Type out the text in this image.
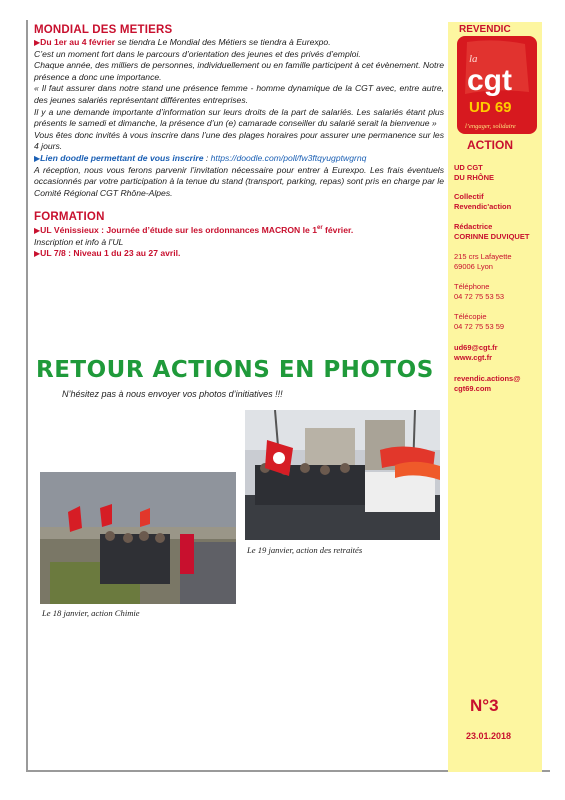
REVENDIC
la
cgt
UD 69
l’engager, solidaire
ACTION
UD CGT
DU RHÔNE
Collectif
Revendic'action
Rédactrice
CORINNE DUVIQUET
215 crs Lafayette
69006 Lyon
Téléphone
04 72 75 53 53
Télécopie
04 72 75 53 59
ud69@cgt.fr
www.cgt.fr
revendic.actions@
cgt69.com
N°3
23.01.2018
MONDIAL DES METIERS

▶Du 1er au 4 février se tiendra Le Mondial des Métiers se tiendra à Eurexpo.

C’est un moment fort dans le parcours d’orientation des jeunes et des privés d’emploi.

Chaque année, des milliers de personnes, individuellement ou en famille participent à cet évènement. Notre présence a donc une importance.

« Il faut assurer dans notre stand une présence femme - homme dynamique de la CGT avec, entre autre, des jeunes salariés représentant différentes entreprises.

Il y a une demande importante d’information sur leurs droits de la part de salariés. Les salariés étant plus présents le samedi et dimanche, la présence d’un (e) camarade conseiller du salarié serait la bienvenue »

Vous êtes donc invités à vous inscrire dans l’une des plages horaires pour assurer une permanence sur les 4 jours.

▶Lien doodle permettant de vous inscrire : https://doodle.com/poll/fw3ftqyugptwgrnq

A réception, nous vous ferons parvenir l’invitation nécessaire pour entrer à Eurexpo. Les frais éventuels occasionnés par votre participation à la tenue du stand (transport, parking, repas) sont pris en charge par le Comité Régional CGT Rhône-Alpes.

FORMATION

▶UL Vénissieux : Journée d’étude sur les ordonnances MACRON le 1er février.

Inscription et info à l’UL

▶UL 7/8 : Niveau 1 du 23 au 27 avril.

RETOUR ACTIONS EN PHOTOS
N’hésitez pas à nous envoyer vos photos d’initiatives !!!
Le 19 janvier, action des retraités
Le 18 janvier, action Chimie
